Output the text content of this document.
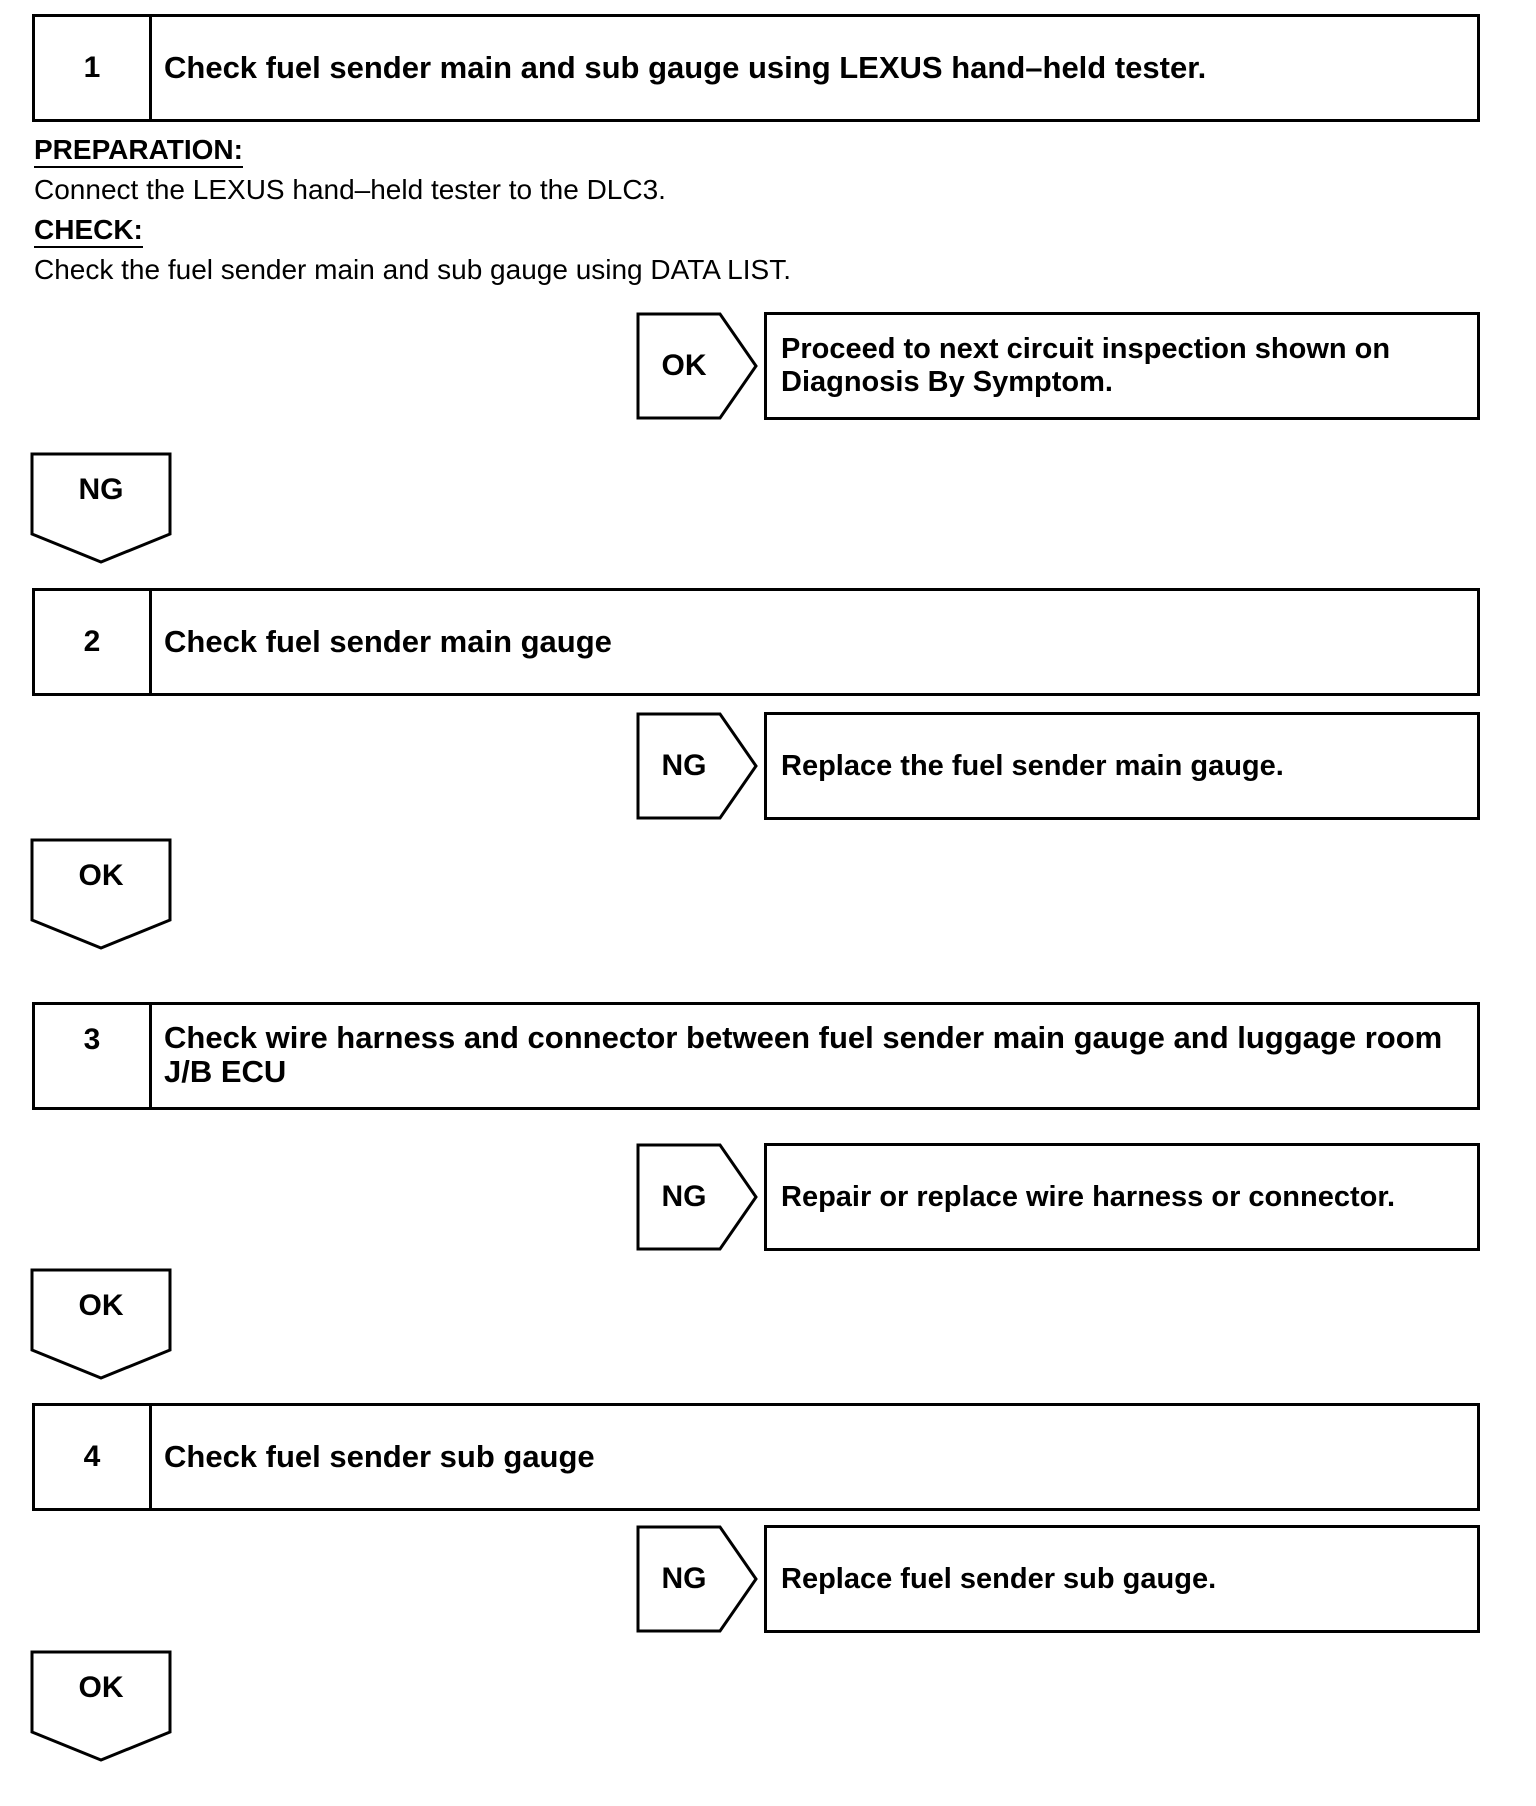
1	Check fuel sender main and sub gauge using LEXUS hand–held tester.
PREPARATION:
Connect the LEXUS hand–held tester to the DLC3.
CHECK:
Check the fuel sender main and sub gauge using DATA LIST.
OK	Proceed to next circuit inspection shown on Diagnosis By Symptom.
NG
2	Check fuel sender main gauge
NG	Replace the fuel sender main gauge.
OK
3	Check wire harness and connector between fuel sender main gauge and luggage room J/B ECU
NG	Repair or replace wire harness or connector.
OK
4	Check fuel sender sub gauge
NG	Replace fuel sender sub gauge.
OK
